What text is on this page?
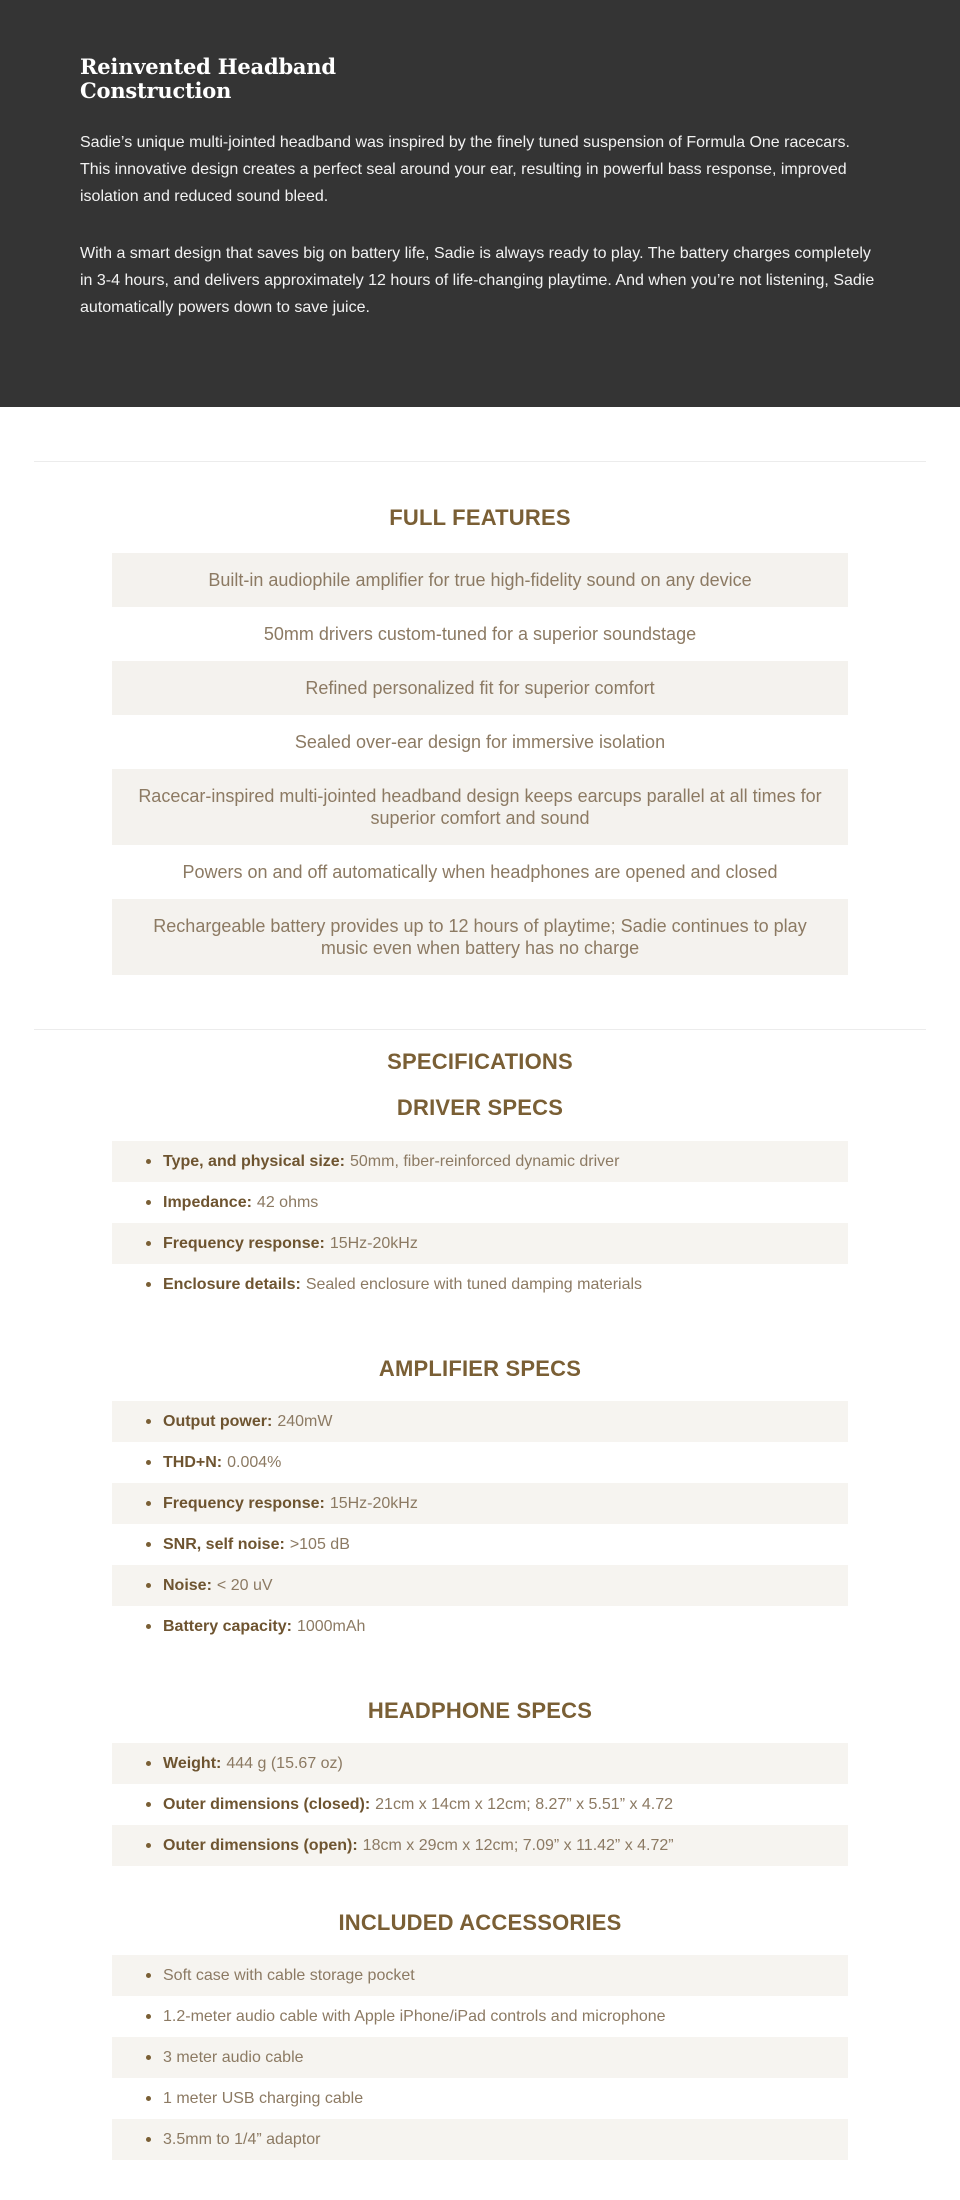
Reinvented Headband Construction

Sadie’s unique multi-jointed headband was inspired by the finely tuned suspension of Formula One racecars. This innovative design creates a perfect seal around your ear, resulting in powerful bass response, improved isolation and reduced sound bleed.

With a smart design that saves big on battery life, Sadie is always ready to play. The battery charges completely in 3-4 hours, and delivers approximately 12 hours of life-changing playtime. And when you’re not listening, Sadie automatically powers down to save juice.

FULL FEATURES
Built-in audiophile amplifier for true high-fidelity sound on any device
50mm drivers custom-tuned for a superior soundstage
Refined personalized fit for superior comfort
Sealed over-ear design for immersive isolation
Racecar-inspired multi-jointed headband design keeps earcups parallel at all times for superior comfort and sound
Powers on and off automatically when headphones are opened and closed
Rechargeable battery provides up to 12 hours of playtime; Sadie continues to play music even when battery has no charge
SPECIFICATIONS
DRIVER SPECS
Type, and physical size: 50mm, fiber-reinforced dynamic driver
Impedance: 42 ohms
Frequency response: 15Hz-20kHz
Enclosure details: Sealed enclosure with tuned damping materials
AMPLIFIER SPECS
Output power: 240mW
THD+N: 0.004%
Frequency response: 15Hz-20kHz
SNR, self noise: >105 dB
Noise: < 20 uV
Battery capacity: 1000mAh
HEADPHONE SPECS
Weight: 444 g (15.67 oz)
Outer dimensions (closed): 21cm x 14cm x 12cm; 8.27” x 5.51” x 4.72
Outer dimensions (open): 18cm x 29cm x 12cm; 7.09” x 11.42” x 4.72”
INCLUDED ACCESSORIES
Soft case with cable storage pocket
1.2-meter audio cable with Apple iPhone/iPad controls and microphone
3 meter audio cable
1 meter USB charging cable
3.5mm to 1/4” adaptor
